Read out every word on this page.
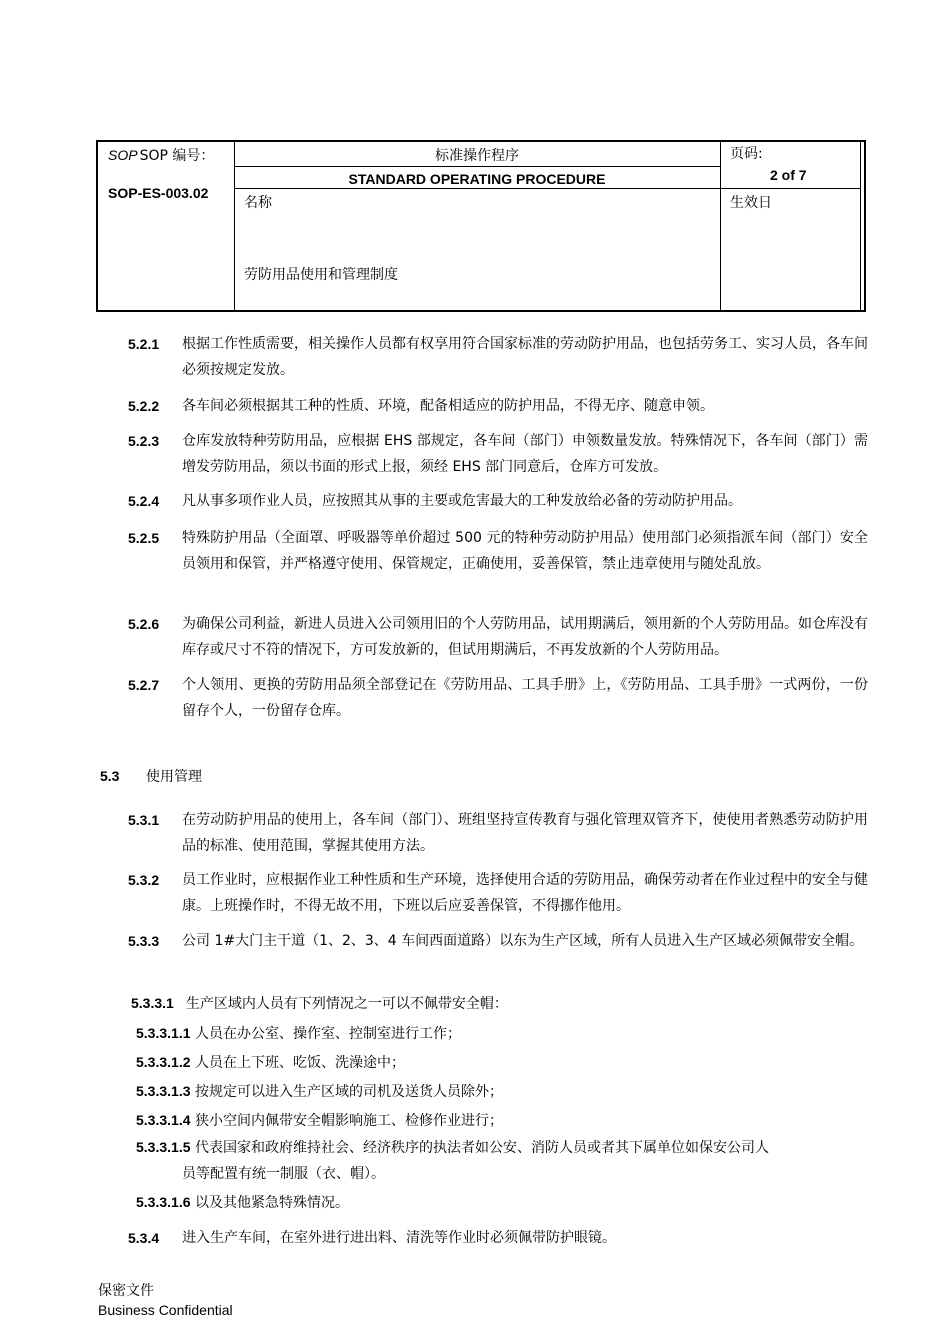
SOP SOP 编号：
SOP-ES-003.02
标准操作程序
STANDARD OPERATING PROCEDURE
名称
劳防用品使用和管理制度
页码:
2 of 7
生效日
5.2.1 根据工作性质需要，相关操作人员都有权享用符合国家标准的劳动防护用品，也包括劳务工、实习人员，各车间必须按规定发放。
5.2.2 各车间必须根据其工种的性质、环境，配备相适应的防护用品，不得无序、随意申领。
5.2.3 仓库发放特种劳防用品，应根据 EHS 部规定，各车间（部门）申领数量发放。特殊情况下，各车间（部门）需增发劳防用品，须以书面的形式上报，须经 EHS 部门同意后，仓库方可发放。
5.2.4 凡从事多项作业人员，应按照其从事的主要或危害最大的工种发放给必备的劳动防护用品。
5.2.5 特殊防护用品（全面罩、呼吸器等单价超过 500 元的特种劳动防护用品）使用部门必须指派车间（部门）安全员领用和保管，并严格遵守使用、保管规定，正确使用，妥善保管，禁止违章使用与随处乱放。
5.2.6 为确保公司利益，新进人员进入公司领用旧的个人劳防用品，试用期满后，领用新的个人劳防用品。如仓库没有库存或尺寸不符的情况下，方可发放新的，但试用期满后，不再发放新的个人劳防用品。
5.2.7 个人领用、更换的劳防用品须全部登记在《劳防用品、工具手册》上，《劳防用品、工具手册》一式两份，一份留存个人，一份留存仓库。
5.3 使用管理
5.3.1 在劳动防护用品的使用上，各车间（部门）、班组坚持宣传教育与强化管理双管齐下，使使用者熟悉劳动防护用品的标准、使用范围，掌握其使用方法。
5.3.2 员工作业时，应根据作业工种性质和生产环境，选择使用合适的劳防用品，确保劳动者在作业过程中的安全与健康。上班操作时，不得无故不用，下班以后应妥善保管，不得挪作他用。
5.3.3 公司 1#大门主干道（1、2、3、4 车间西面道路）以东为生产区域，所有人员进入生产区域必须佩带安全帽。
5.3.3.1 生产区域内人员有下列情况之一可以不佩带安全帽：
5.3.3.1.1 人员在办公室、操作室、控制室进行工作；
5.3.3.1.2 人员在上下班、吃饭、洗澡途中；
5.3.3.1.3 按规定可以进入生产区域的司机及送货人员除外；
5.3.3.1.4 狭小空间内佩带安全帽影响施工、检修作业进行；
5.3.3.1.5 代表国家和政府维持社会、经济秩序的执法者如公安、消防人员或者其下属单位如保安公司人
员等配置有统一制服（衣、帽）。
5.3.3.1.6 以及其他紧急特殊情况。
5.3.4 进入生产车间，在室外进行进出料、清洗等作业时必须佩带防护眼镜。
保密文件
Business Confidential
